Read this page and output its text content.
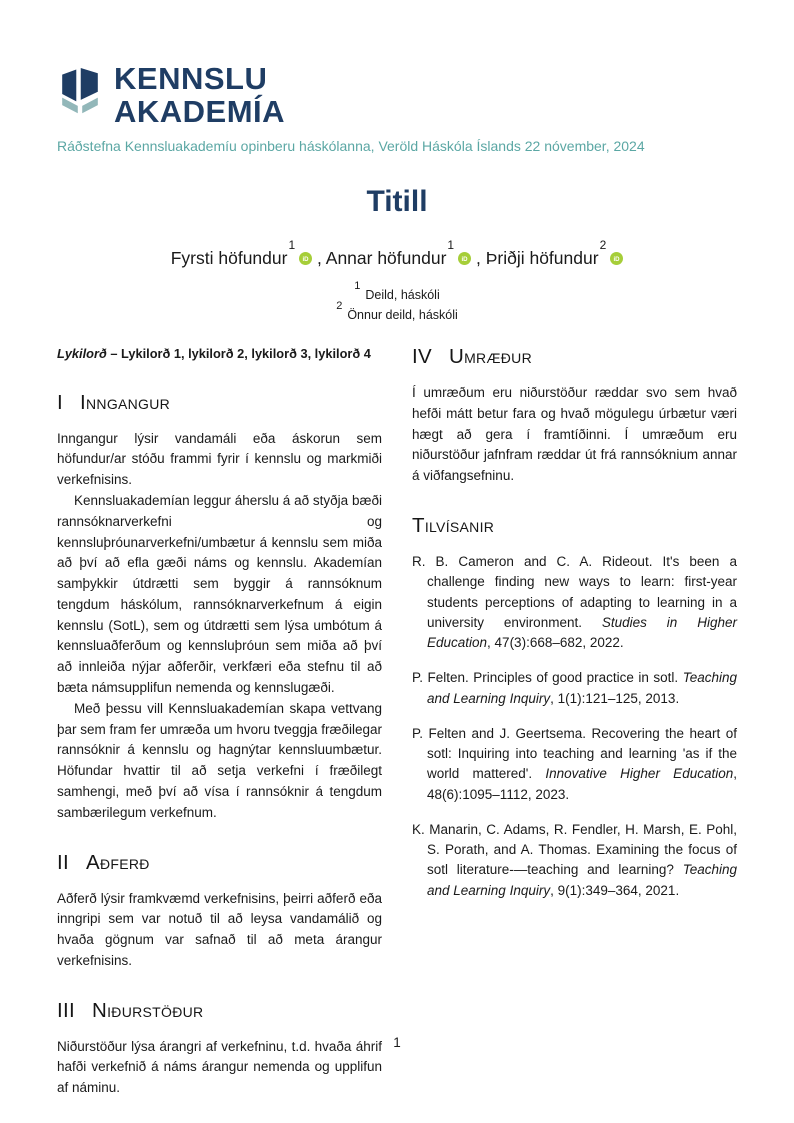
KENNSLU
AKADEMÍA
Ráðstefna Kennsluakademíu opinberu háskólanna, Veröld Háskóla Íslands 22 nóvember, 2024
Titill
Fyrsti höfundur$^1$
iD , Annar höfundur$^1$
iD , Þriðji höfundur$^2$
iD
$^1$Deild, háskóli
$^2$Önnur deild, háskóli

Lykilorð – Lykilorð 1, lykilorð 2, lykilorð 3, lykilorð 4

I Inngangur

Inngangur lýsir vandamáli eða áskorun sem höfundur/ar stóðu frammi fyrir í kennslu og markmiði verkefnisins.

Kennsluakademían leggur áherslu á að styðja bæði rannsóknarverkefni og kennsluþróunarverkefni/umbætur á kennslu sem miða að því að efla gæði náms og kennslu. Akademían samþykkir útdrætti sem byggir á rannsóknum tengdum háskólum, rannsóknarverkefnum á eigin kennslu (SotL), sem og útdrætti sem lýsa umbótum á kennsluaðferðum og kennsluþróun sem miða að því að innleiða nýjar aðferðir, verkfæri eða stefnu til að bæta námsupplifun nemenda og kennslugæði.

Með þessu vill Kennsluakademían skapa vettvang þar sem fram fer umræða um hvoru tveggja fræðilegar rannsóknir á kennslu og hagnýtar kennsluumbætur. Höfundar hvattir til að setja verkefni í fræðilegt samhengi, með því að vísa í rannsóknir á tengdum sambærilegum verkefnum.

II Aðferð

Aðferð lýsir framkvæmd verkefnisins, þeirri aðferð eða inngripi sem var notuð til að leysa vandamálið og hvaða gögnum var safnað til að meta árangur verkefnisins.

III Niðurstöður

Niðurstöður lýsa árangri af verkefninu, t.d. hvaða áhrif hafði verkefnið á náms árangur nemenda og upplifun af náminu.

IV Umræður

Í umræðum eru niðurstöður ræddar svo sem hvað hefði mátt betur fara og hvað mögulegu úrbætur væri hægt að gera í framtíðinni. Í umræðum eru niðurstöður jafnfram ræddar út frá rannsóknium annar á viðfangsefninu.

Tilvísanir

R. B. Cameron and C. A. Rideout. It's been a challenge finding new ways to learn: first-year students perceptions of adapting to learning in a university environment. Studies in Higher Education, 47(3):668–682, 2022.

P. Felten. Principles of good practice in sotl. Teaching and Learning Inquiry, 1(1):121–125, 2013.

P. Felten and J. Geertsema. Recovering the heart of sotl: Inquiring into teaching and learning 'as if the world mattered'. Innovative Higher Education, 48(6):1095–1112, 2023.

K. Manarin, C. Adams, R. Fendler, H. Marsh, E. Pohl, S. Porath, and A. Thomas. Examining the focus of sotl literature-—teaching and learning? Teaching and Learning Inquiry, 9(1):349–364, 2021.

1
